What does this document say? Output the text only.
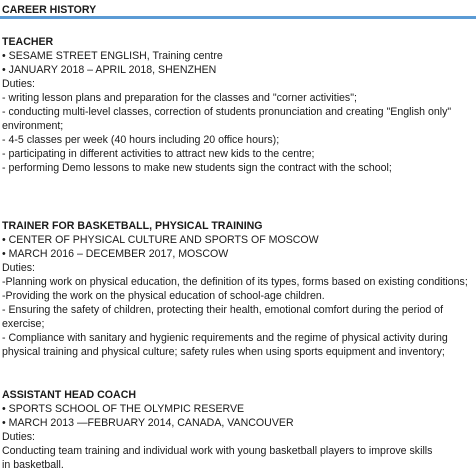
CAREER HISTORY
TEACHER
• SESAME STREET ENGLISH, Training centre
• JANUARY 2018 – APRIL 2018, SHENZHEN
Duties:
- writing lesson plans and preparation for the classes and "corner activities";
- conducting multi-level classes, correction of students pronunciation and creating "English only"
environment;
- 4-5 classes per week (40 hours including 20 office hours);
- participating in different activities to attract new kids to the centre;
- performing Demo lessons to make new students sign the contract with the school;
TRAINER FOR BASKETBALL, PHYSICAL TRAINING
• CENTER OF PHYSICAL CULTURE AND SPORTS OF MOSCOW
• MARCH 2016 – DECEMBER 2017, MOSCOW
Duties:
-Planning work on physical education, the definition of its types, forms based on existing conditions;
-Providing the work on the physical education of school-age children.
- Ensuring the safety of children, protecting their health, emotional comfort during the period of
exercise;
- Compliance with sanitary and hygienic requirements and the regime of physical activity during
physical training and physical culture; safety rules when using sports equipment and inventory;
ASSISTANT HEAD COACH
• SPORTS SCHOOL OF THE OLYMPIC RESERVE
• MARCH 2013 —FEBRUARY 2014, CANADA, VANCOUVER
Duties:
Conducting team training and individual work with young basketball players to improve skills
in basketball.
